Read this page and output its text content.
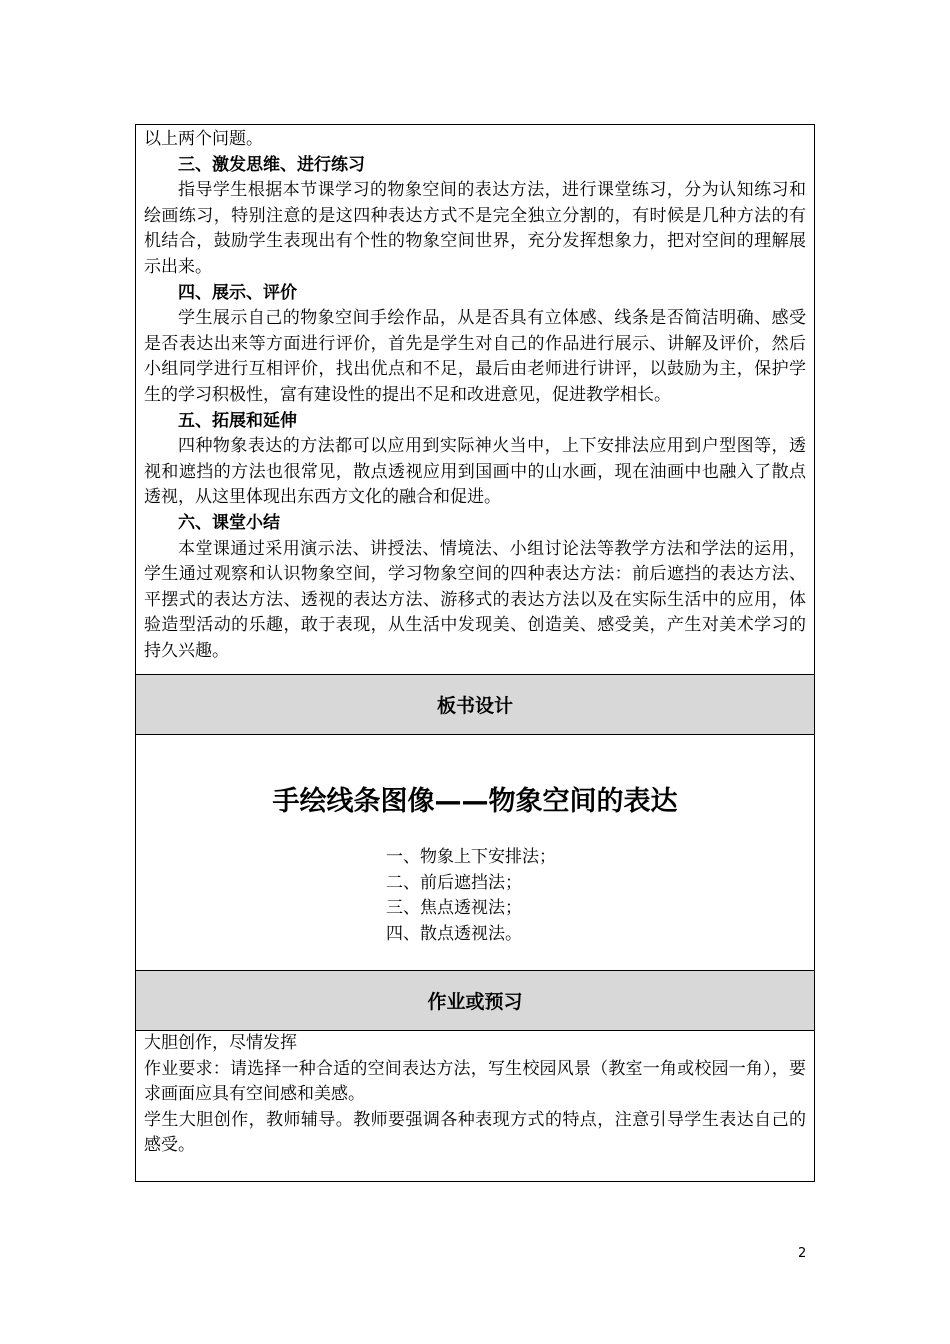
以上两个问题。

三、激发思维、进行练习

指导学生根据本节课学习的物象空间的表达方法，进行课堂练习，分为认知练习和绘画练习，特别注意的是这四种表达方式不是完全独立分割的，有时候是几种方法的有机结合，鼓励学生表现出有个性的物象空间世界，充分发挥想象力，把对空间的理解展示出来。

四、展示、评价

学生展示自己的物象空间手绘作品，从是否具有立体感、线条是否简洁明确、感受是否表达出来等方面进行评价，首先是学生对自己的作品进行展示、讲解及评价，然后小组同学进行互相评价，找出优点和不足，最后由老师进行讲评，以鼓励为主，保护学生的学习积极性，富有建设性的提出不足和改进意见，促进教学相长。

五、拓展和延伸

四种物象表达的方法都可以应用到实际神火当中，上下安排法应用到户型图等，透视和遮挡的方法也很常见，散点透视应用到国画中的山水画，现在油画中也融入了散点透视，从这里体现出东西方文化的融合和促进。

六、课堂小结

本堂课通过采用演示法、讲授法、情境法、小组讨论法等教学方法和学法的运用，学生通过观察和认识物象空间，学习物象空间的四种表达方法：前后遮挡的表达方法、平摆式的表达方法、透视的表达方法、游移式的表达方法以及在实际生活中的应用，体验造型活动的乐趣，敢于表现，从生活中发现美、创造美、感受美，产生对美术学习的持久兴趣。

板书设计
手绘线条图像——物象空间的表达
一、物象上下安排法；
二、前后遮挡法；
三、焦点透视法；
四、散点透视法。
作业或预习

大胆创作，尽情发挥

作业要求：请选择一种合适的空间表达方法，写生校园风景（教室一角或校园一角），要求画面应具有空间感和美感。

学生大胆创作，教师辅导。教师要强调各种表现方式的特点，注意引导学生表达自己的感受。

2
